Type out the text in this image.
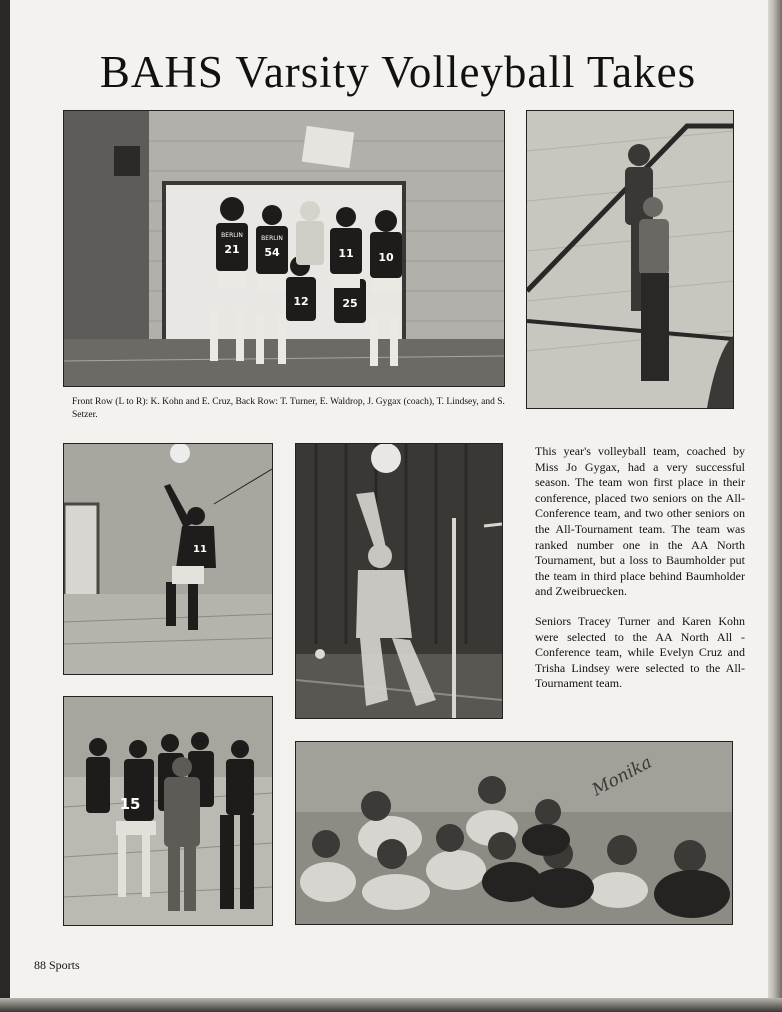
BAHS Varsity Volleyball Takes
21 54	11 10
12	25
BERLIN	BERLIN

Front Row (L to R): K. Kohn and E. Cruz, Back Row: T. Turner, E. Waldrop, J. Gygax (coach), T. Lindsey, and S. Setzer.

11
15
Monika

This year's volleyball team, coached by Miss Jo Gygax, had a very successful season. The team won first place in their conference, placed two seniors on the All-Conference team, and two other seniors on the All-Tournament team. The team was ranked number one in the AA North Tournament, but a loss to Baumholder put the team in third place behind Baumholder and Zweibruecken.

Seniors Tracey Turner and Karen Kohn were selected to the AA North All - Conference team, while Evelyn Cruz and Trisha Lindsey were selected to the All-Tournament team.

88 Sports
